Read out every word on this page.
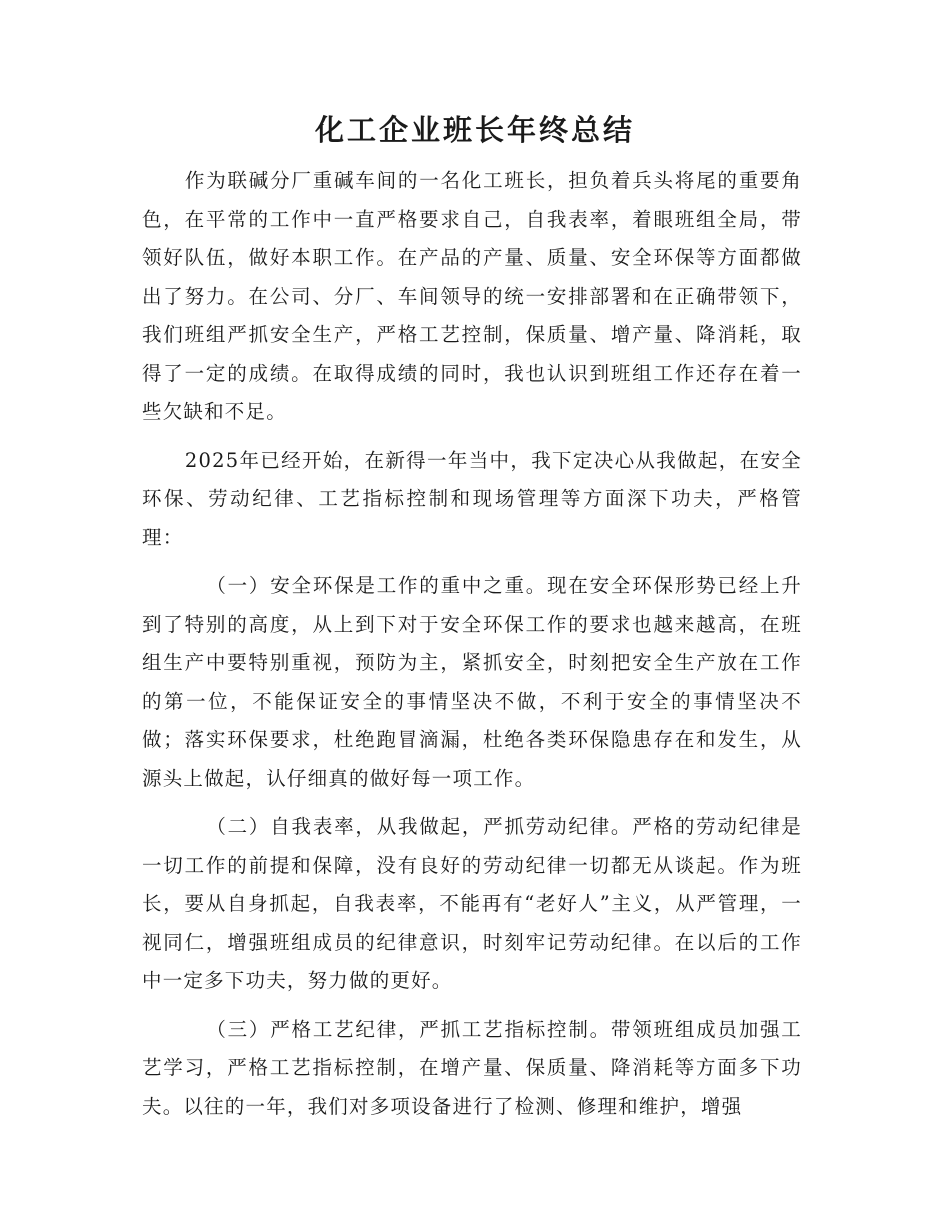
化工企业班长年终总结

作为联碱分厂重碱车间的一名化工班长，担负着兵头将尾的重要角色，在平常的工作中一直严格要求自己，自我表率，着眼班组全局，带领好队伍，做好本职工作。在产品的产量、质量、安全环保等方面都做出了努力。在公司、分厂、车间领导的统一安排部署和在正确带领下，我们班组严抓安全生产，严格工艺控制，保质量、增产量、降消耗，取得了一定的成绩。在取得成绩的同时，我也认识到班组工作还存在着一些欠缺和不足。

2025年已经开始，在新得一年当中，我下定决心从我做起，在安全环保、劳动纪律、工艺指标控制和现场管理等方面深下功夫，严格管理：

（一）安全环保是工作的重中之重。现在安全环保形势已经上升到了特别的高度，从上到下对于安全环保工作的要求也越来越高，在班组生产中要特别重视，预防为主，紧抓安全，时刻把安全生产放在工作的第一位，不能保证安全的事情坚决不做，不利于安全的事情坚决不做；落实环保要求，杜绝跑冒滴漏，杜绝各类环保隐患存在和发生，从源头上做起，认仔细真的做好每一项工作。

（二）自我表率，从我做起，严抓劳动纪律。严格的劳动纪律是一切工作的前提和保障，没有良好的劳动纪律一切都无从谈起。作为班长，要从自身抓起，自我表率，不能再有“老好人”主义，从严管理，一视同仁，增强班组成员的纪律意识，时刻牢记劳动纪律。在以后的工作中一定多下功夫，努力做的更好。

（三）严格工艺纪律，严抓工艺指标控制。带领班组成员加强工艺学习，严格工艺指标控制，在增产量、保质量、降消耗等方面多下功夫。以往的一年，我们对多项设备进行了检测、修理和维护，增强
